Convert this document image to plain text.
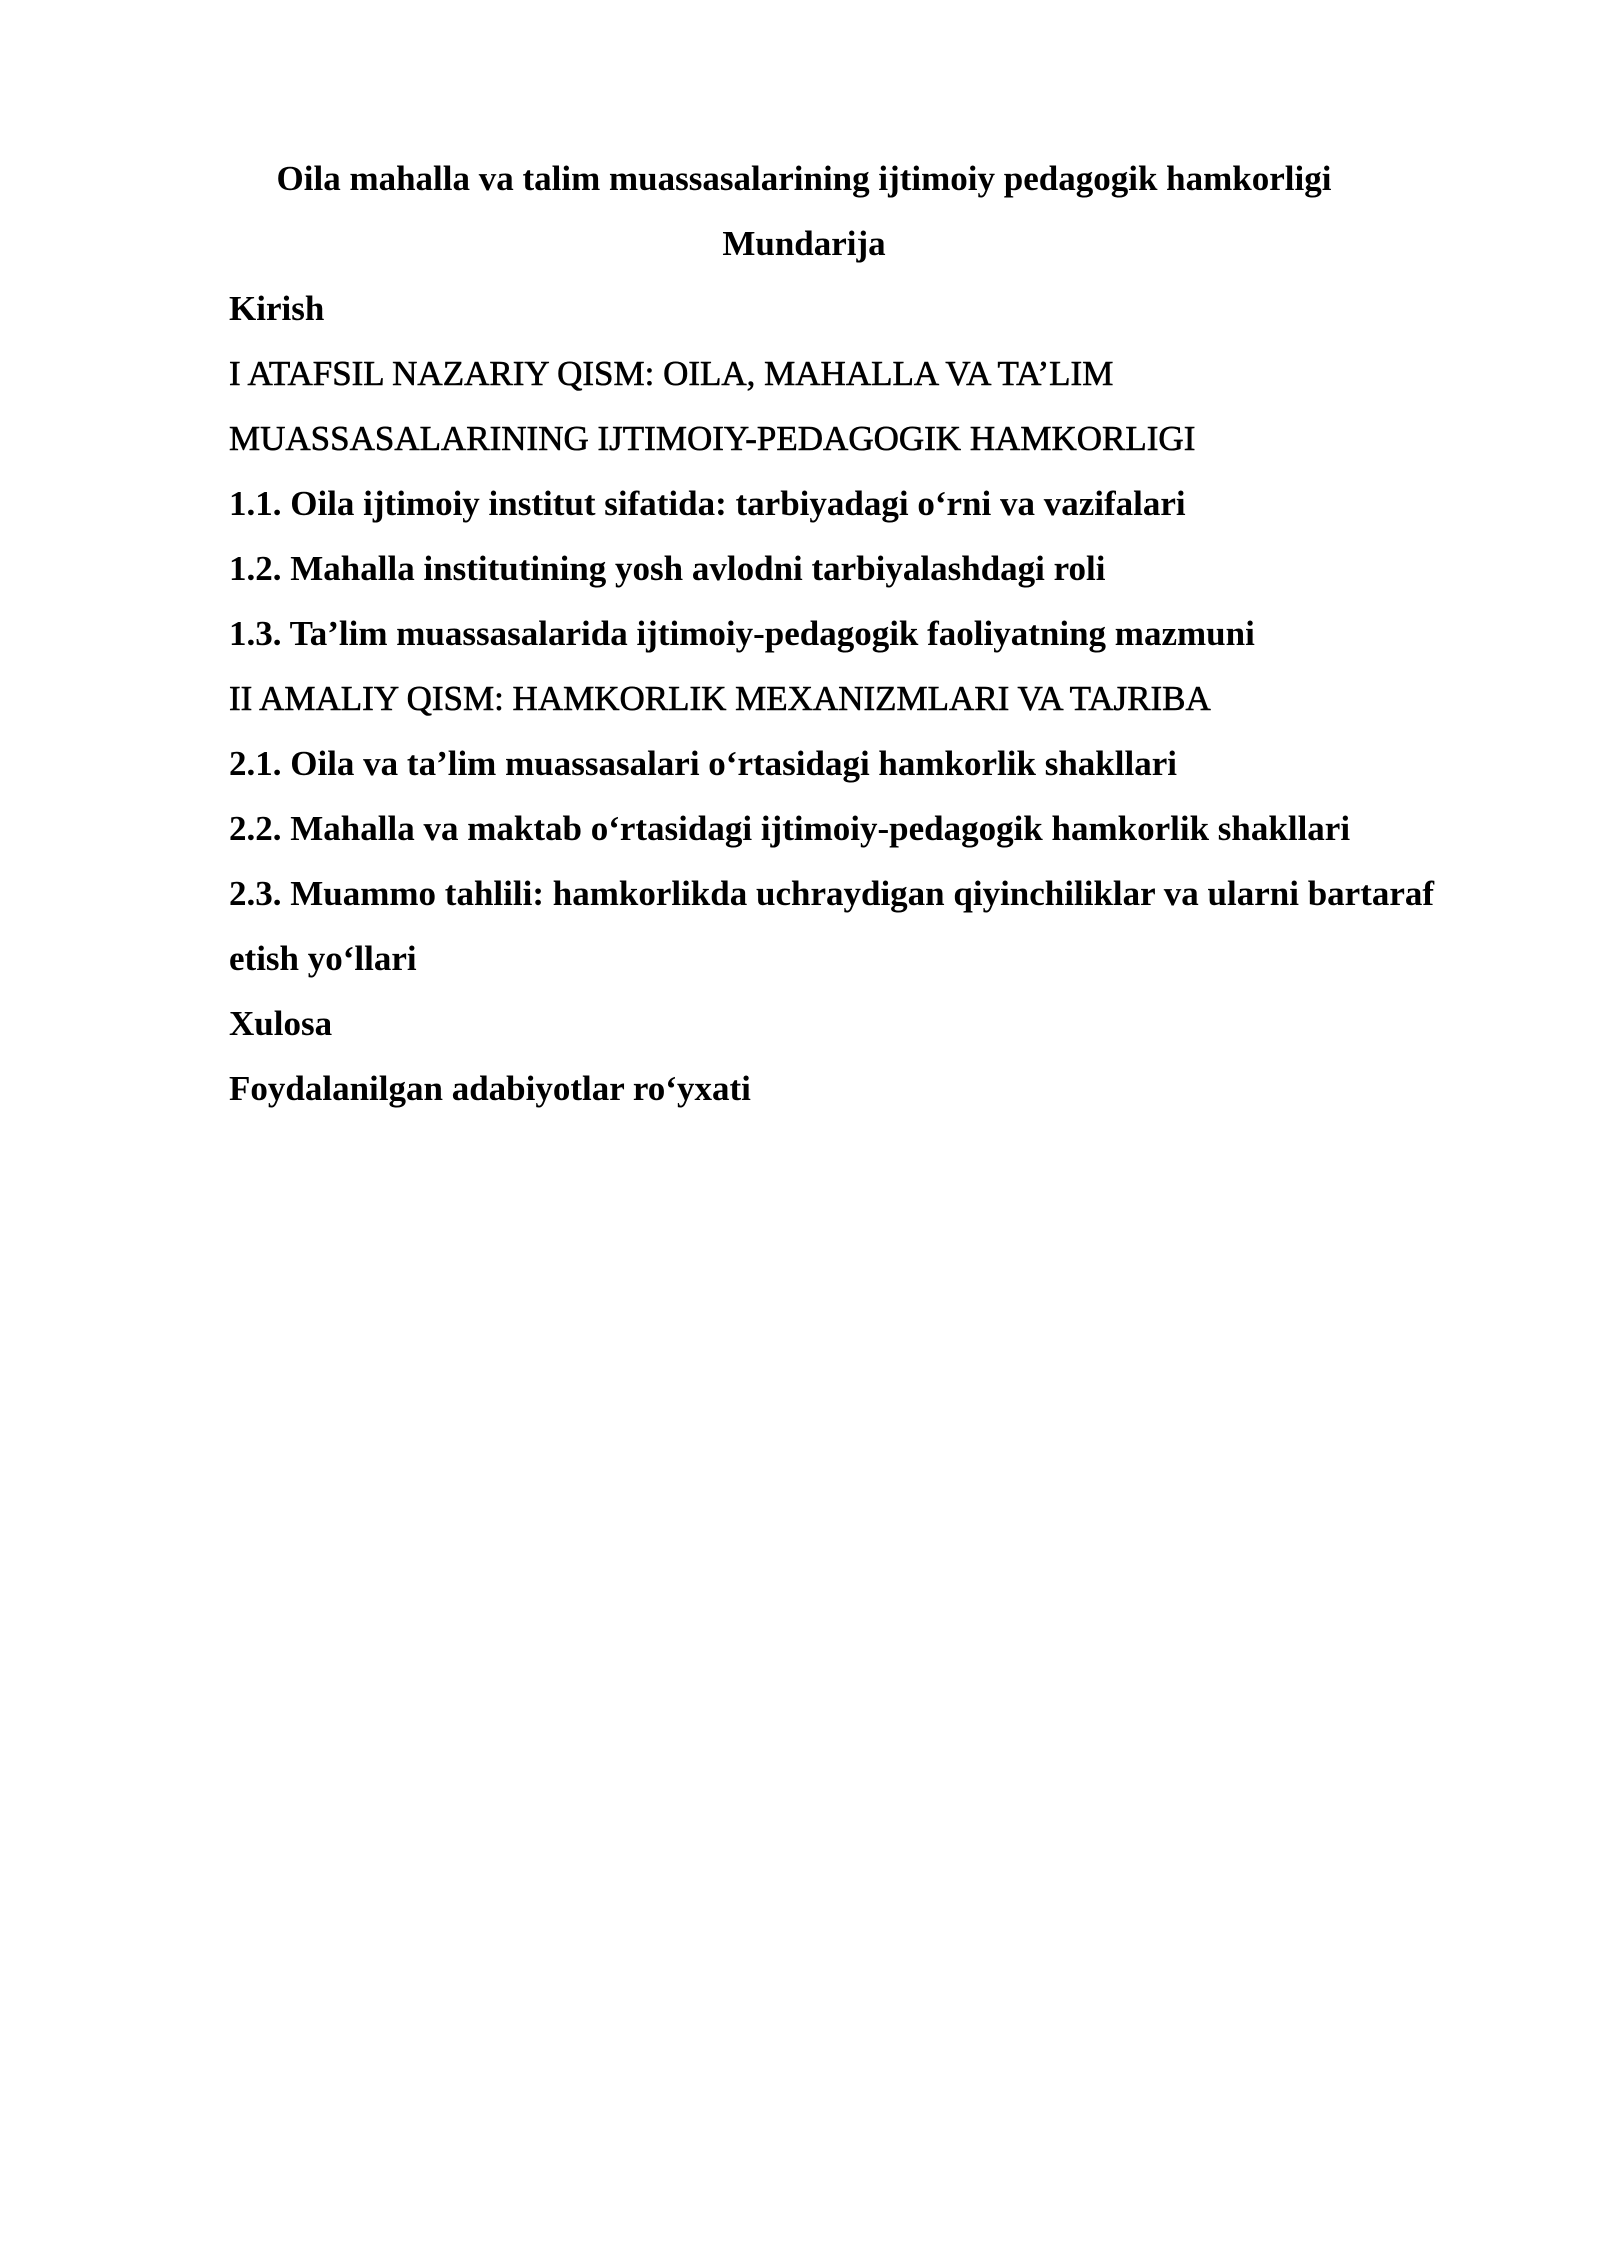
Oila mahalla va talim muassasalarining ijtimoiy pedagogik hamkorligi

Mundarija

Kirish
I ATAFSIL NAZARIY QISM: OILA, MAHALLA VA TA’LIM MUASSASALARINING IJTIMOIY-PEDAGOGIK HAMKORLIGI
1.1. Oila ijtimoiy institut sifatida: tarbiyadagi o‘rni va vazifalari
1.2. Mahalla institutining yosh avlodni tarbiyalashdagi roli
1.3. Ta’lim muassasalarida ijtimoiy-pedagogik faoliyatning mazmuni
II AMALIY QISM: HAMKORLIK MEXANIZMLARI VA TAJRIBA
2.1. Oila va ta’lim muassasalari o‘rtasidagi hamkorlik shakllari
2.2. Mahalla va maktab o‘rtasidagi ijtimoiy-pedagogik hamkorlik shakllari
2.3. Muammo tahlili: hamkorlikda uchraydigan qiyinchiliklar va ularni bartaraf etish yo‘llari
Xulosa
Foydalanilgan adabiyotlar ro‘yxati
